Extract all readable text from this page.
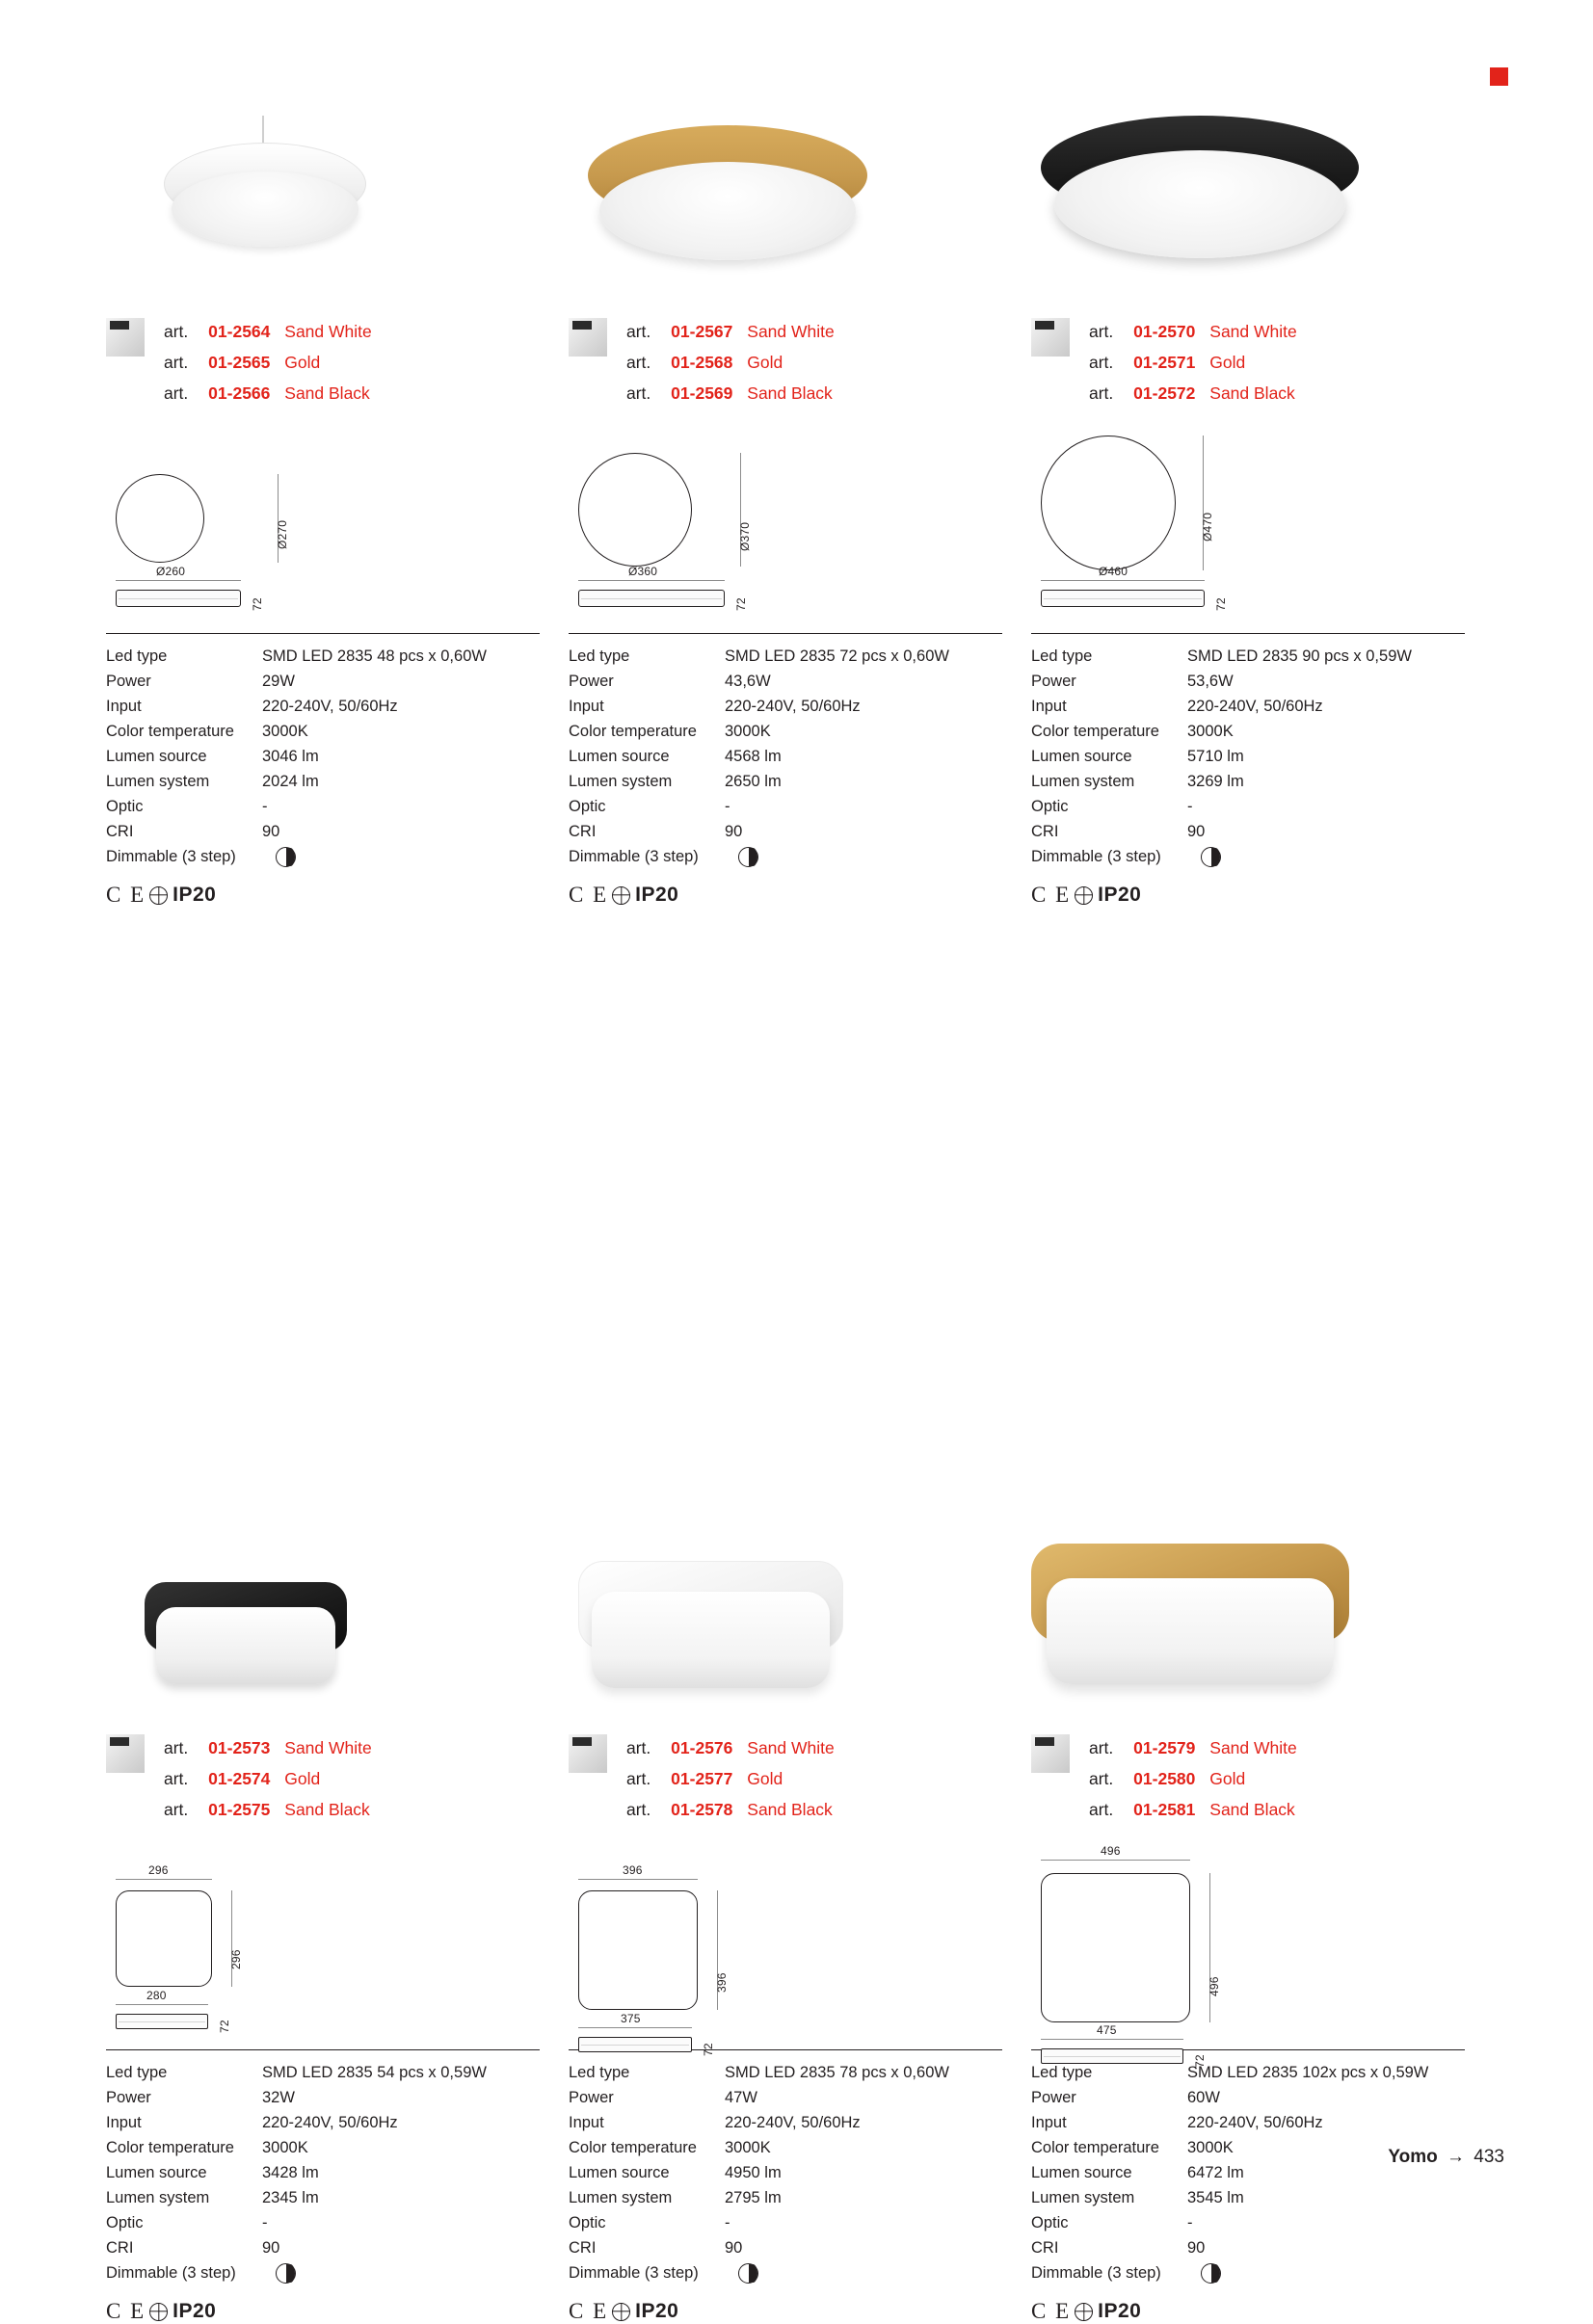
art. 01-2564 Sand White
art. 01-2565 Gold
art. 01-2566 Sand Black
Ø270
Ø260
72
Led type	SMD LED 2835 48 pcs x 0,60W
Power	29W
Input	220-240V, 50/60Hz
Color temperature	3000K
Lumen source	3046 lm
Lumen system	2024 lm
Optic	-
CRI	90
Dimmable (3 step)
C E IP20
art. 01-2567 Sand White
art. 01-2568 Gold
art. 01-2569 Sand Black
Ø370
Ø360
72
Led type	SMD LED 2835 72 pcs x 0,60W
Power	43,6W
Input	220-240V, 50/60Hz
Color temperature	3000K
Lumen source	4568 lm
Lumen system	2650 lm
Optic	-
CRI	90
Dimmable (3 step)
C E IP20
art. 01-2570 Sand White
art. 01-2571 Gold
art. 01-2572 Sand Black
Ø470
Ø460
72
Led type	SMD LED 2835 90 pcs x 0,59W
Power	53,6W
Input	220-240V, 50/60Hz
Color temperature	3000K
Lumen source	5710 lm
Lumen system	3269 lm
Optic	-
CRI	90
Dimmable (3 step)
C E IP20
art. 01-2573 Sand White
art. 01-2574 Gold
art. 01-2575 Sand Black
296
296
280
72
Led type	SMD LED 2835 54 pcs x 0,59W
Power	32W
Input	220-240V, 50/60Hz
Color temperature	3000K
Lumen source	3428 lm
Lumen system	2345 lm
Optic	-
CRI	90
Dimmable (3 step)
C E IP20
art. 01-2576 Sand White
art. 01-2577 Gold
art. 01-2578 Sand Black
396
396
375
72
Led type	SMD LED 2835 78 pcs x 0,60W
Power	47W
Input	220-240V, 50/60Hz
Color temperature	3000K
Lumen source	4950 lm
Lumen system	2795 lm
Optic	-
CRI	90
Dimmable (3 step)
C E IP20
art. 01-2579 Sand White
art. 01-2580 Gold
art. 01-2581 Sand Black
496
496
475
72
Led type	SMD LED 2835 102x pcs x 0,59W
Power	60W
Input	220-240V, 50/60Hz
Color temperature	3000K
Lumen source	6472 lm
Lumen system	3545 lm
Optic	-
CRI	90
Dimmable (3 step)
C E IP20
Yomo → 433
